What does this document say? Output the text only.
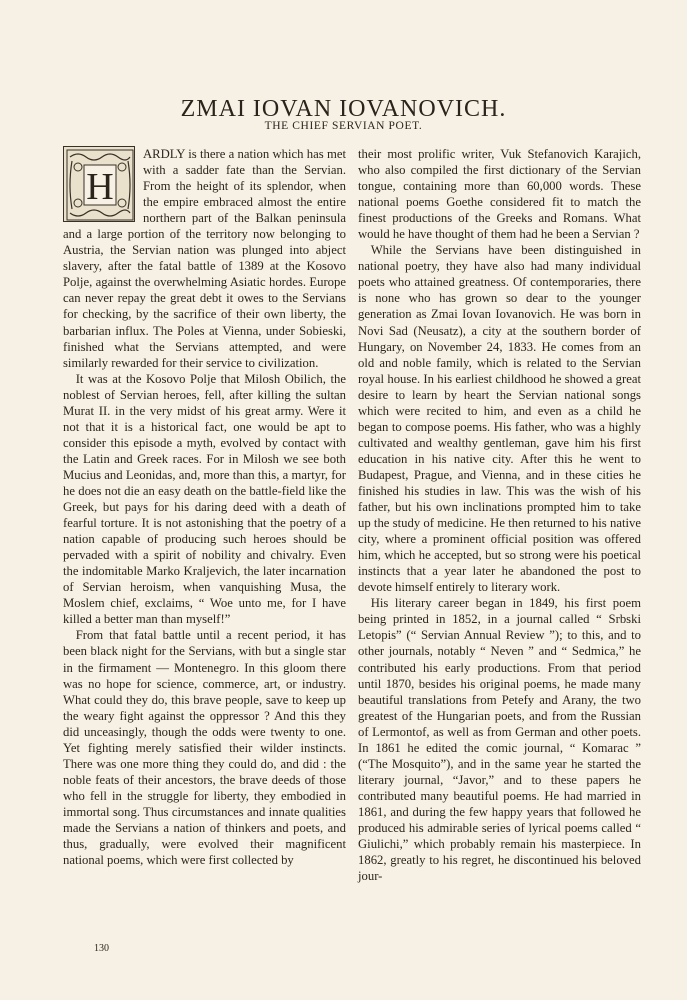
ZMAI IOVAN IOVANOVICH.
THE CHIEF SERVIAN POET.
H

ARDLY is there a nation which has met with a sadder fate than the Servian. From the height of its splendor, when the empire embraced almost the entire northern part of the Balkan peninsula and a large portion of the territory now belonging to Austria, the Servian nation was plunged into abject slavery, after the fatal battle of 1389 at the Kosovo Polje, against the overwhelming Asiatic hordes. Europe can never repay the great debt it owes to the Servians for checking, by the sacrifice of their own liberty, the barbarian influx. The Poles at Vienna, under Sobieski, finished what the Servians attempted, and were similarly rewarded for their service to civilization.

It was at the Kosovo Polje that Milosh Obilich, the noblest of Servian heroes, fell, after killing the sultan Murat II. in the very midst of his great army. Were it not that it is a historical fact, one would be apt to consider this episode a myth, evolved by contact with the Latin and Greek races. For in Milosh we see both Mucius and Leonidas, and, more than this, a martyr, for he does not die an easy death on the battle-field like the Greek, but pays for his daring deed with a death of fearful torture. It is not astonishing that the poetry of a nation capable of producing such heroes should be pervaded with a spirit of nobility and chivalry. Even the indomitable Marko Kraljevich, the later incarnation of Servian heroism, when vanquishing Musa, the Moslem chief, exclaims, “ Woe unto me, for I have killed a better man than myself!”

From that fatal battle until a recent period, it has been black night for the Servians, with but a single star in the firmament — Montenegro. In this gloom there was no hope for science, commerce, art, or industry. What could they do, this brave people, save to keep up the weary fight against the oppressor ? And this they did unceasingly, though the odds were twenty to one. Yet fighting merely satisfied their wilder instincts. There was one more thing they could do, and did : the noble feats of their ancestors, the brave deeds of those who fell in the struggle for liberty, they embodied in immortal song. Thus circumstances and innate qualities made the Servians a nation of thinkers and poets, and thus, gradually, were evolved their magnificent national poems, which were first collected by

their most prolific writer, Vuk Stefanovich Karajich, who also compiled the first dictionary of the Servian tongue, containing more than 60,000 words. These national poems Goethe considered fit to match the finest productions of the Greeks and Romans. What would he have thought of them had he been a Servian ?

While the Servians have been distinguished in national poetry, they have also had many individual poets who attained greatness. Of contemporaries, there is none who has grown so dear to the younger generation as Zmai Iovan Iovanovich. He was born in Novi Sad (Neusatz), a city at the southern border of Hungary, on November 24, 1833. He comes from an old and noble family, which is related to the Servian royal house. In his earliest childhood he showed a great desire to learn by heart the Servian national songs which were recited to him, and even as a child he began to compose poems. His father, who was a highly cultivated and wealthy gentleman, gave him his first education in his native city. After this he went to Budapest, Prague, and Vienna, and in these cities he finished his studies in law. This was the wish of his father, but his own inclinations prompted him to take up the study of medicine. He then returned to his native city, where a prominent official position was offered him, which he accepted, but so strong were his poetical instincts that a year later he abandoned the post to devote himself entirely to literary work.

His literary career began in 1849, his first poem being printed in 1852, in a journal called “ Srbski Letopis” (“ Servian Annual Review ”); to this, and to other journals, notably “ Neven ” and “ Sedmica,” he contributed his early productions. From that period until 1870, besides his original poems, he made many beautiful translations from Petefy and Arany, the two greatest of the Hungarian poets, and from the Russian of Lermontof, as well as from German and other poets. In 1861 he edited the comic journal, “ Komarac ” (“The Mosquito”), and in the same year he started the literary journal, “Javor,” and to these papers he contributed many beautiful poems. He had married in 1861, and during the few happy years that followed he produced his admirable series of lyrical poems called “ Giulichi,” which probably remain his masterpiece. In 1862, greatly to his regret, he discontinued his beloved jour-

130
